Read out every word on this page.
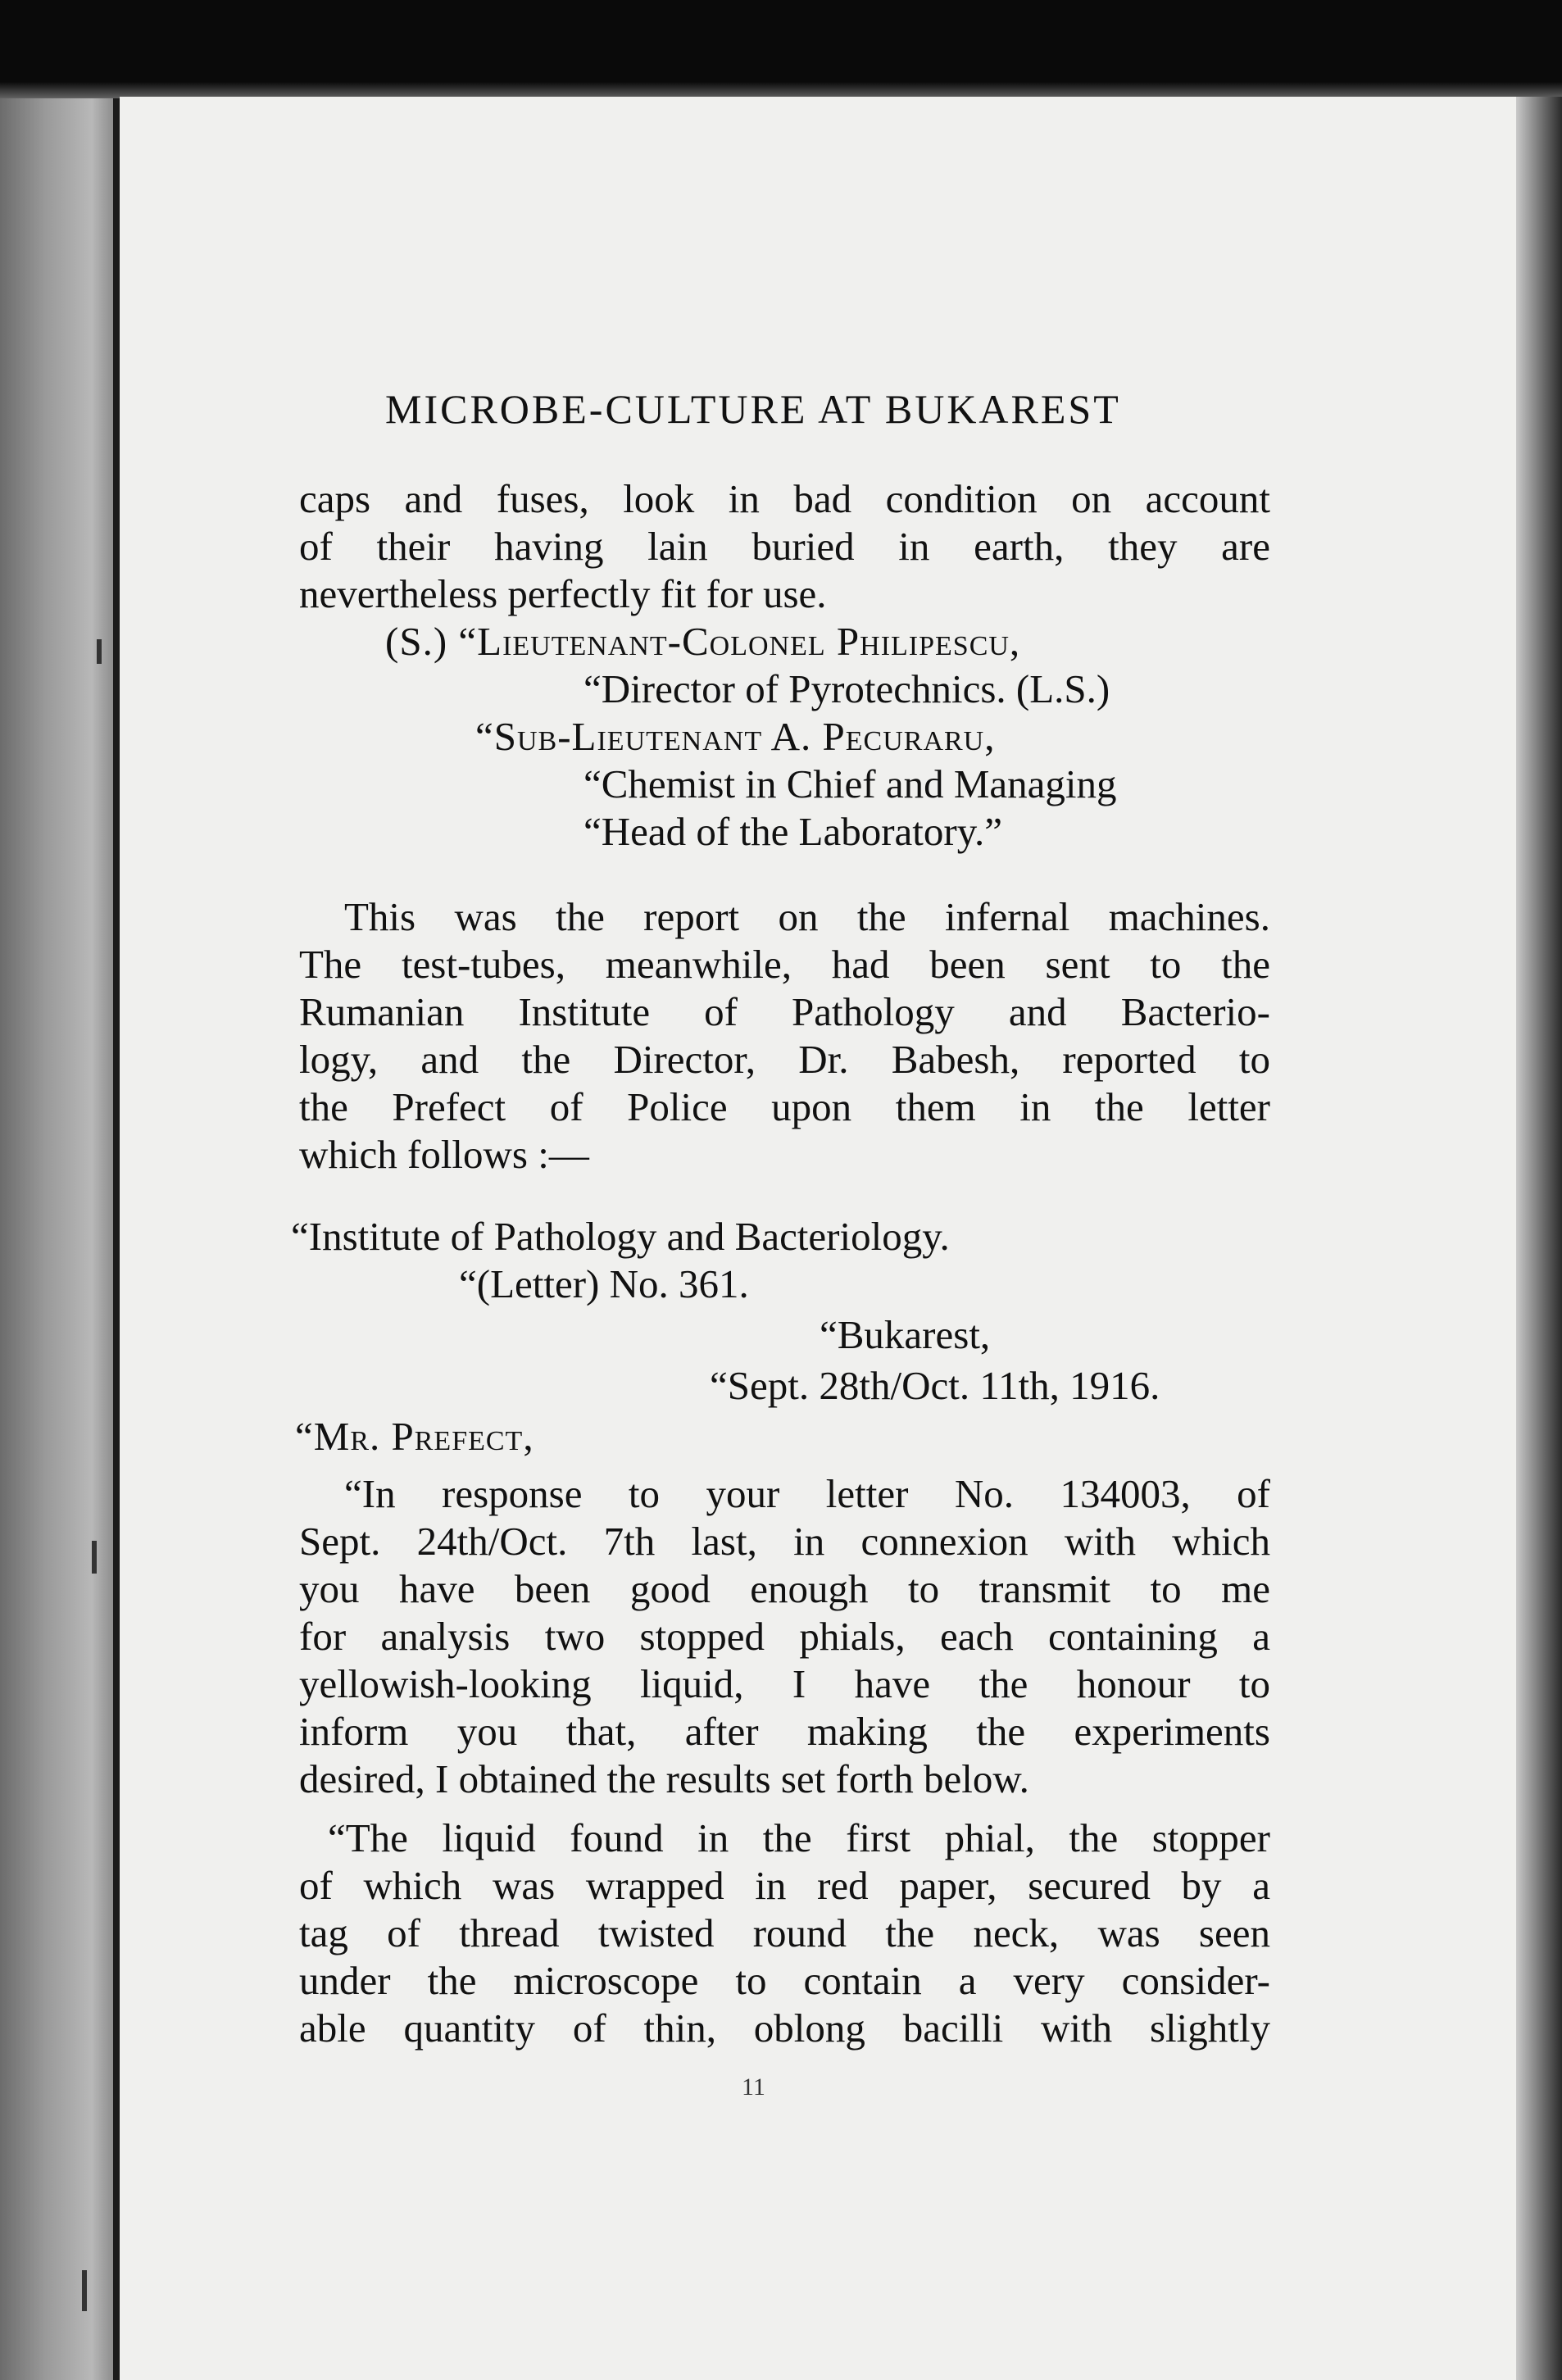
MICROBE-CULTURE AT BUKAREST
caps and fuses, look in bad condition on account
of their having lain buried in earth, they are
nevertheless perfectly fit for use.
(S.) “Lieutenant-Colonel Philipescu,
“Director of Pyrotechnics. (L.S.)
“Sub-Lieutenant A. Pecuraru,
“Chemist in Chief and Managing
“Head of the Laboratory.”
This was the report on the infernal machines.
The test-tubes, meanwhile, had been sent to the
Rumanian Institute of Pathology and Bacterio-
logy, and the Director, Dr. Babesh, reported to
the Prefect of Police upon them in the letter
which follows :—
“Institute of Pathology and Bacteriology.
“(Letter) No. 361.
“Bukarest,
“Sept. 28th/Oct. 11th, 1916.
“Mr. Prefect,
“In response to your letter No. 134003, of
Sept. 24th/Oct. 7th last, in connexion with which
you have been good enough to transmit to me
for analysis two stopped phials, each containing a
yellowish-looking liquid, I have the honour to
inform you that, after making the experiments
desired, I obtained the results set forth below.
“The liquid found in the first phial, the stopper
of which was wrapped in red paper, secured by a
tag of thread twisted round the neck, was seen
under the microscope to contain a very consider-
able quantity of thin, oblong bacilli with slightly
11
